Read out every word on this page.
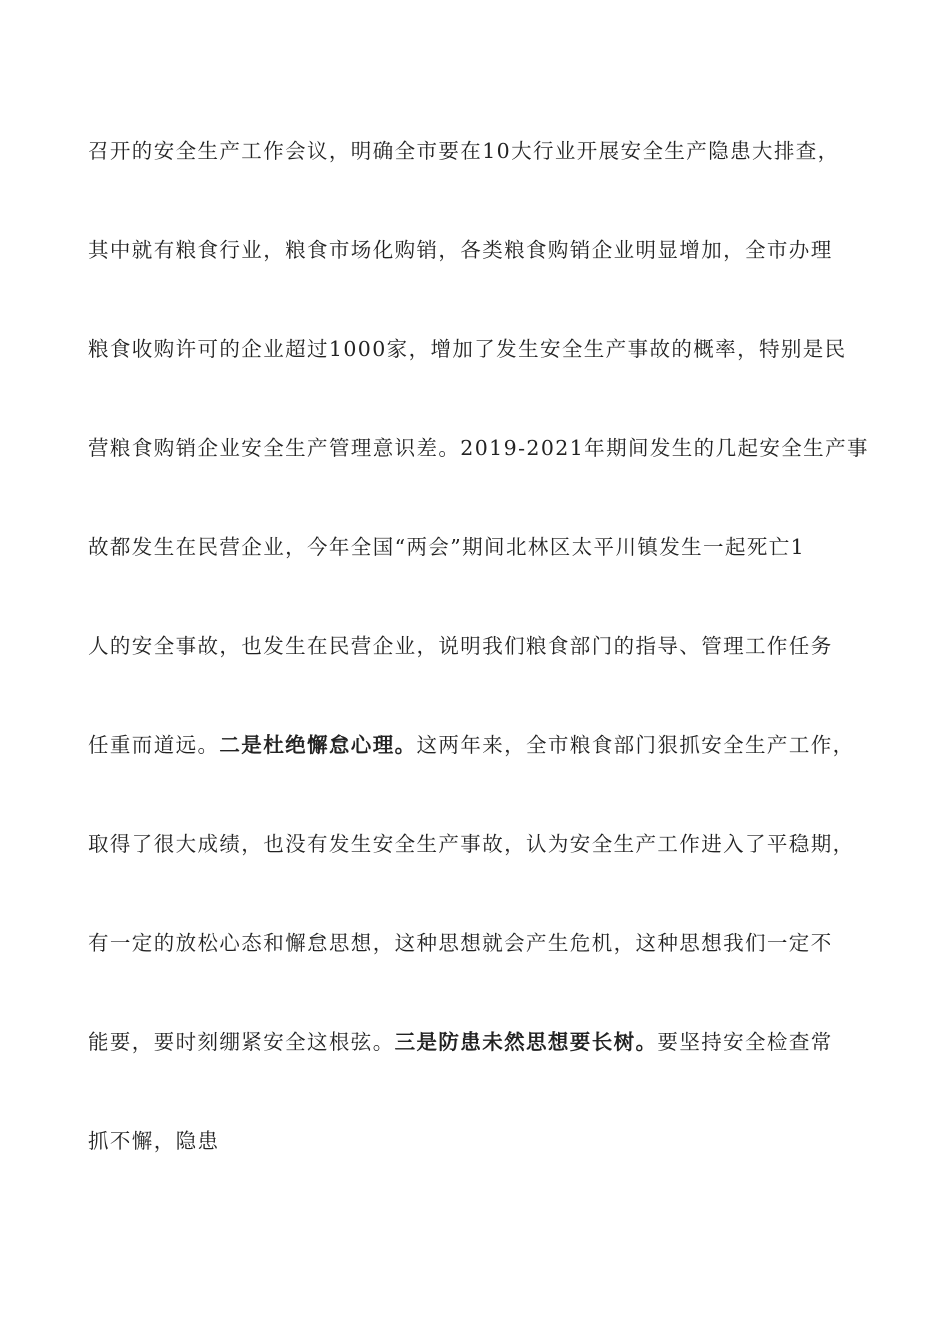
召开的安全生产工作会议，明确全市要在10大行业开展安全生产隐患大排查，
其中就有粮食行业，粮食市场化购销，各类粮食购销企业明显增加，全市办理
粮食收购许可的企业超过1000家，增加了发生安全生产事故的概率，特别是民
营粮食购销企业安全生产管理意识差。2019-2021年期间发生的几起安全生产事
故都发生在民营企业，今年全国“两会”期间北林区太平川镇发生一起死亡1
人的安全事故，也发生在民营企业，说明我们粮食部门的指导、管理工作任务
任重而道远。二是杜绝懈怠心理。这两年来，全市粮食部门狠抓安全生产工作，
取得了很大成绩，也没有发生安全生产事故，认为安全生产工作进入了平稳期，
有一定的放松心态和懈怠思想，这种思想就会产生危机，这种思想我们一定不
能要，要时刻绷紧安全这根弦。三是防患未然思想要长树。要坚持安全检查常
抓不懈，隐患
